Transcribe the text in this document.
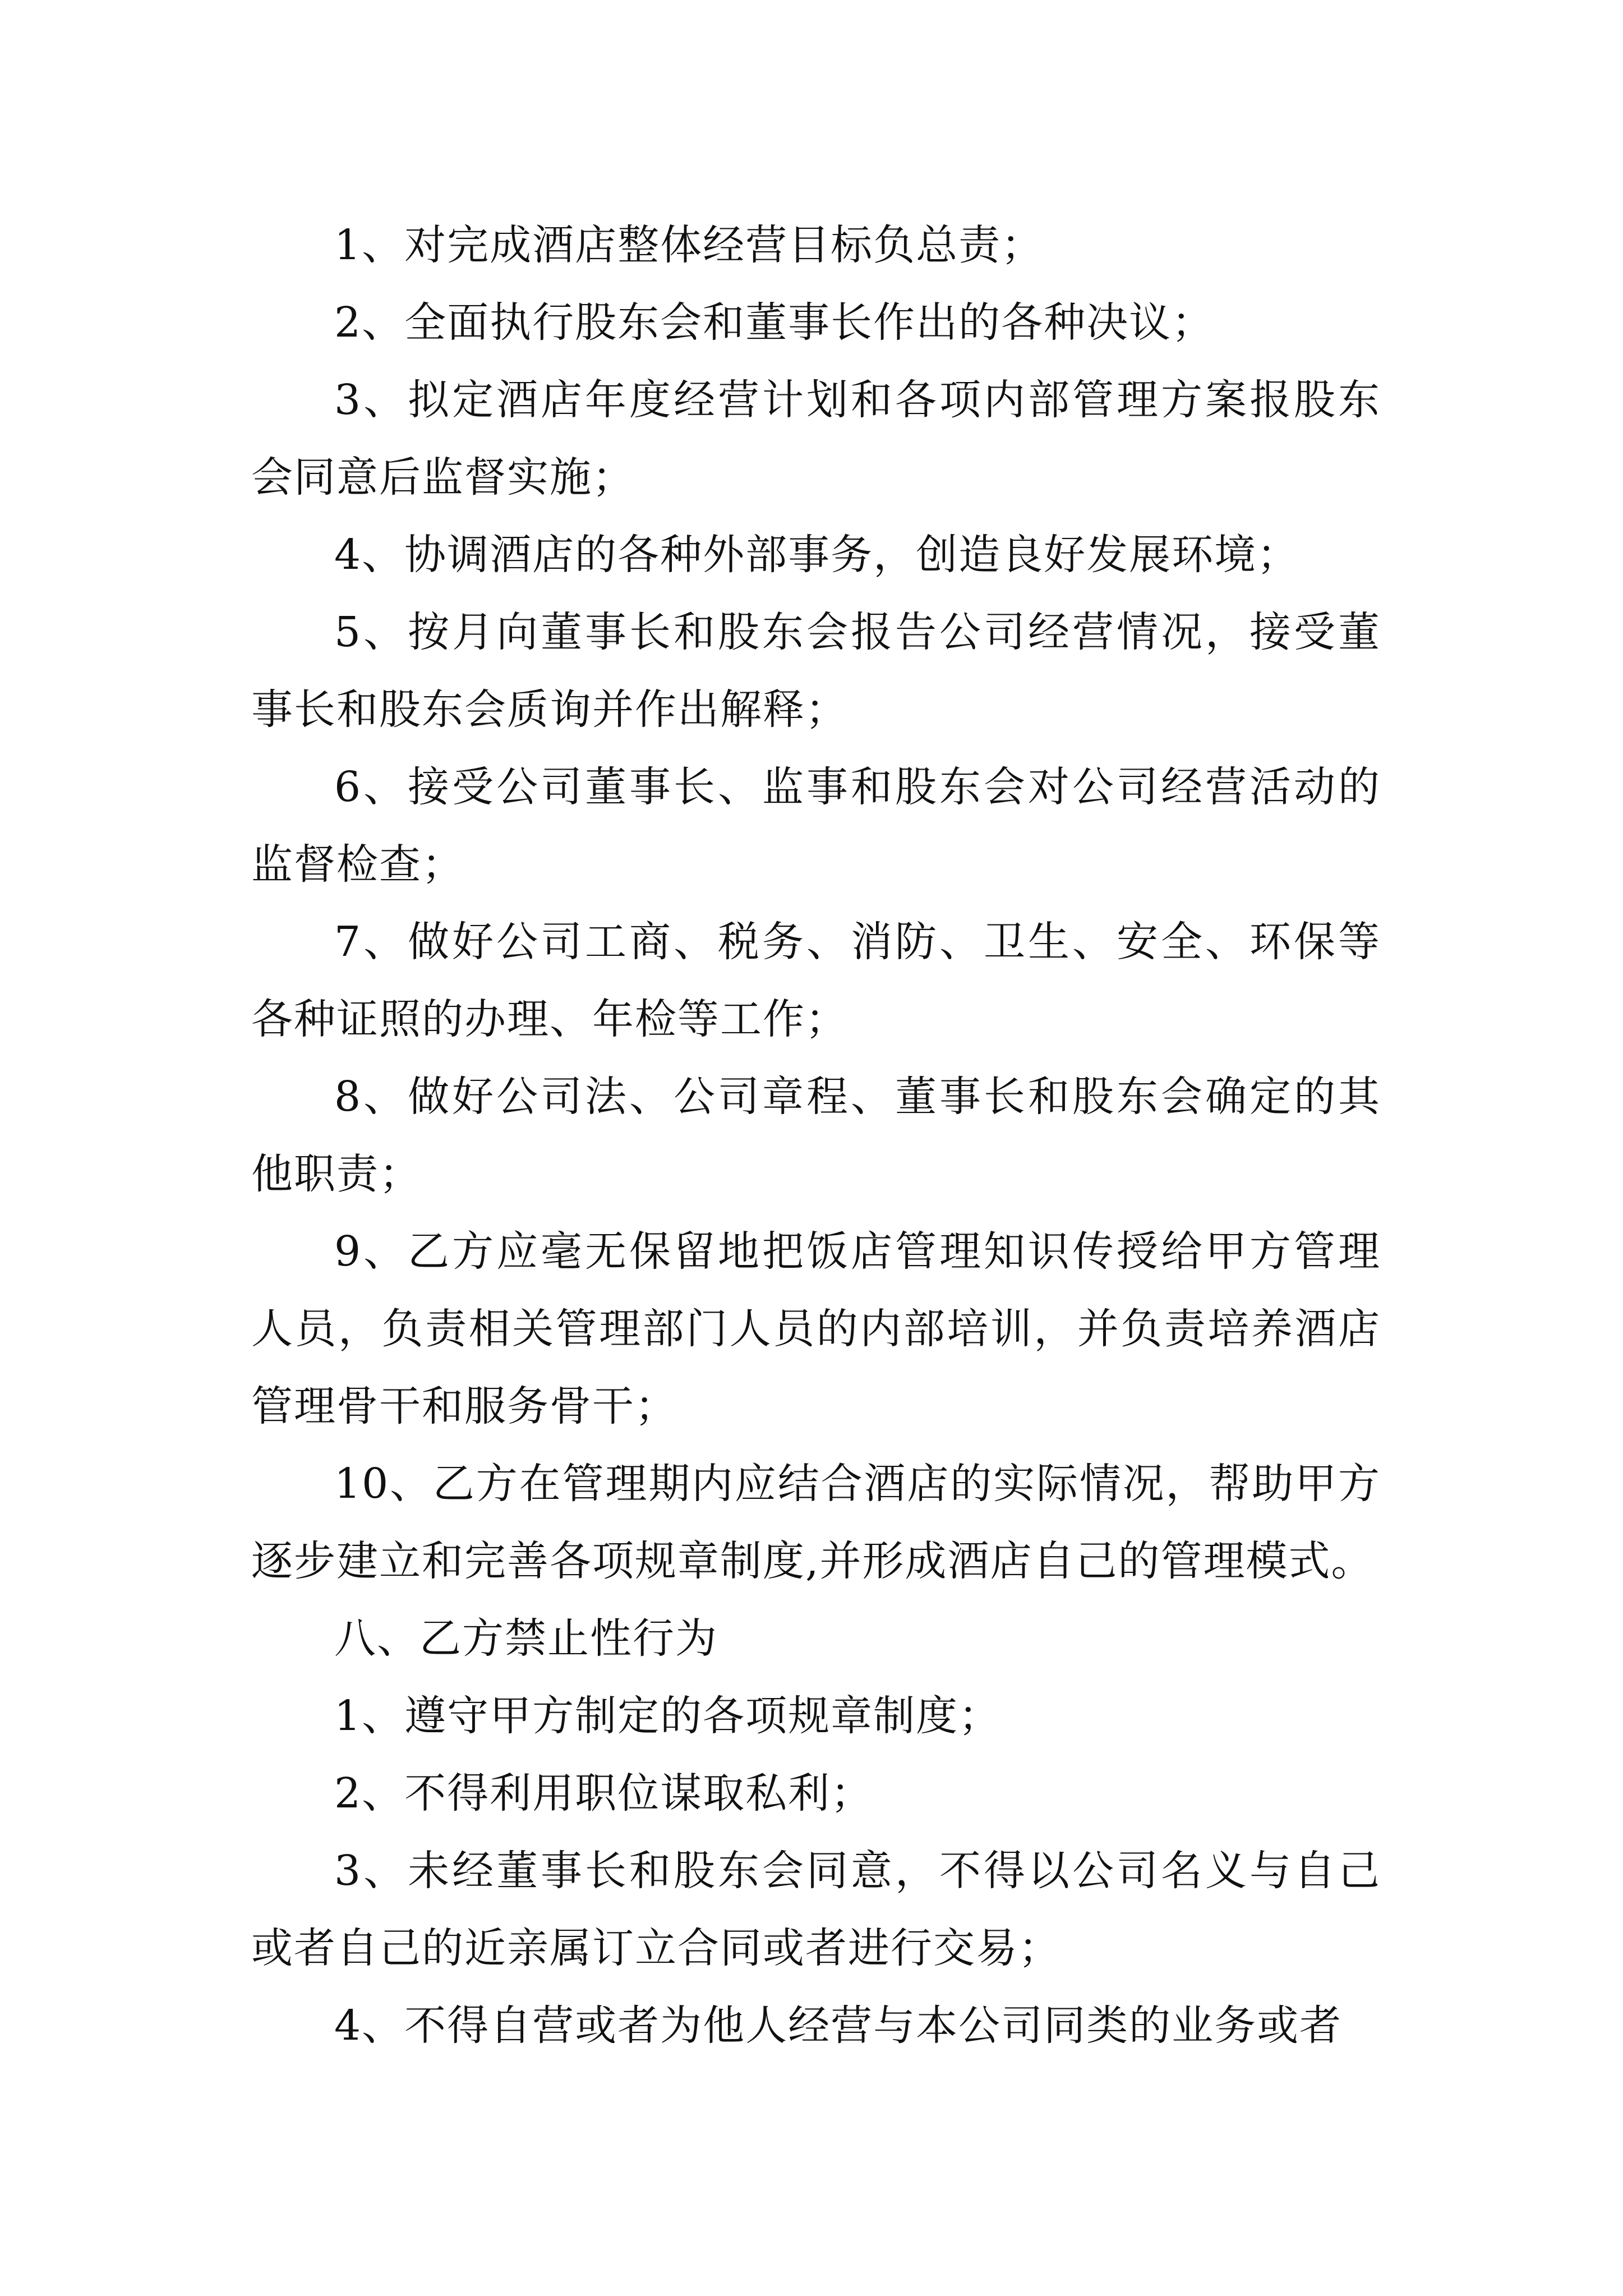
1、对完成酒店整体经营目标负总责；

2、全面执行股东会和董事长作出的各种决议；

3、拟定酒店年度经营计划和各项内部管理方案报股东会同意后监督实施；

4、协调酒店的各种外部事务，创造良好发展环境；

5、按月向董事长和股东会报告公司经营情况，接受董事长和股东会质询并作出解释；

6、接受公司董事长、监事和股东会对公司经营活动的监督检查；

7、做好公司工商、税务、消防、卫生、安全、环保等各种证照的办理、年检等工作；

8、做好公司法、公司章程、董事长和股东会确定的其他职责；

9、乙方应毫无保留地把饭店管理知识传授给甲方管理人员，负责相关管理部门人员的内部培训，并负责培养酒店管理骨干和服务骨干；

10、乙方在管理期内应结合酒店的实际情况，帮助甲方逐步建立和完善各项规章制度,并形成酒店自己的管理模式。

八、乙方禁止性行为

1、遵守甲方制定的各项规章制度；

2、不得利用职位谋取私利；

3、未经董事长和股东会同意，不得以公司名义与自己或者自己的近亲属订立合同或者进行交易；

4、不得自营或者为他人经营与本公司同类的业务或者
